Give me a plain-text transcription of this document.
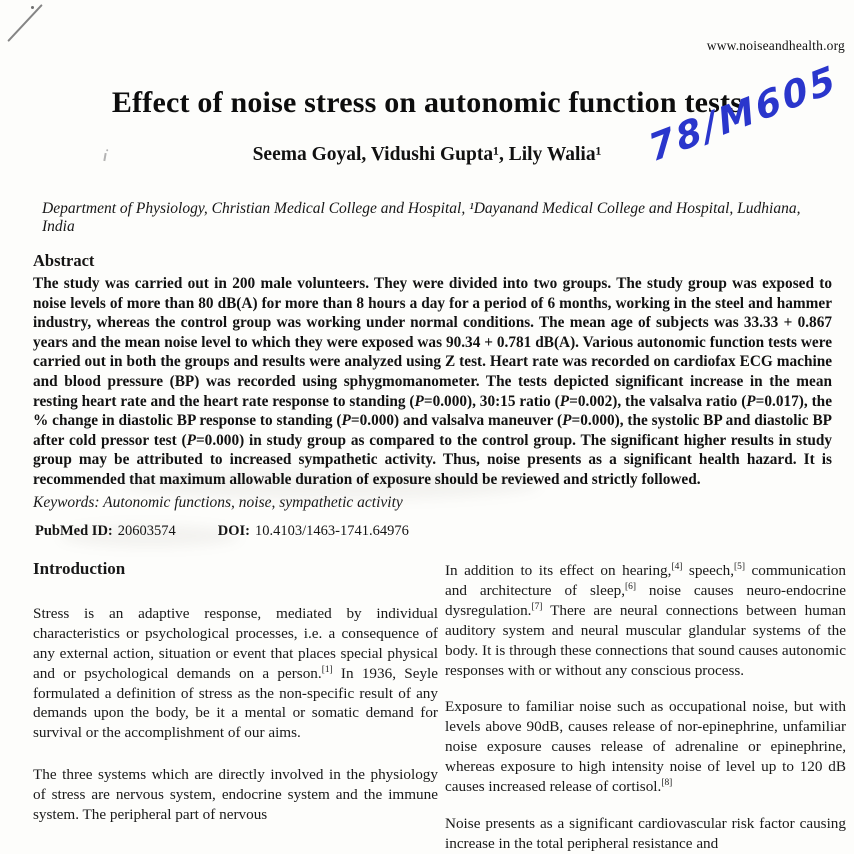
www.noiseandhealth.org
Effect of noise stress on autonomic function tests
78/M605
Seema Goyal, Vidushi Gupta¹, Lily Walia¹
Department of Physiology, Christian Medical College and Hospital, ¹Dayanand Medical College and Hospital, Ludhiana, India
Abstract

The study was carried out in 200 male volunteers. They were divided into two groups. The study group was exposed to noise levels of more than 80 dB(A) for more than 8 hours a day for a period of 6 months, working in the steel and hammer industry, whereas the control group was working under normal conditions. The mean age of subjects was 33.33 + 0.867 years and the mean noise level to which they were exposed was 90.34 + 0.781 dB(A). Various autonomic function tests were carried out in both the groups and results were analyzed using Z test. Heart rate was recorded on cardiofax ECG machine and blood pressure (BP) was recorded using sphygmomanometer. The tests depicted significant increase in the mean resting heart rate and the heart rate response to standing (P=0.000), 30:15 ratio (P=0.002), the valsalva ratio (P=0.017), the % change in diastolic BP response to standing (P=0.000) and valsalva maneuver (P=0.000), the systolic BP and diastolic BP after cold pressor test (P=0.000) in study group as compared to the control group. The significant higher results in study group may be attributed to increased sympathetic activity. Thus, noise presents as a significant health hazard. It is recommended that maximum allowable duration of exposure should be reviewed and strictly followed.

Keywords: Autonomic functions, noise, sympathetic activity
PubMed ID: 20603574	DOI: 10.4103/1463-1741.64976
Introduction

Stress is an adaptive response, mediated by individual characteristics or psychological processes, i.e. a consequence of any external action, situation or event that places special physical and or psychological demands on a person.[1] In 1936, Seyle formulated a definition of stress as the non-specific result of any demands upon the body, be it a mental or somatic demand for survival or the accomplishment of our aims.

The three systems which are directly involved in the physiology of stress are nervous system, endocrine system and the immune system. The peripheral part of nervous

In addition to its effect on hearing,[4] speech,[5] communication and architecture of sleep,[6] noise causes neuro-endocrine dysregulation.[7] There are neural connections between human auditory system and neural muscular glandular systems of the body. It is through these connections that sound causes autonomic responses with or without any conscious process.

Exposure to familiar noise such as occupational noise, but with levels above 90dB, causes release of nor-epinephrine, unfamiliar noise exposure causes release of adrenaline or epinephrine, whereas exposure to high intensity noise of level up to 120 dB causes increased release of cortisol.[8]

Noise presents as a significant cardiovascular risk factor causing increase in the total peripheral resistance and
